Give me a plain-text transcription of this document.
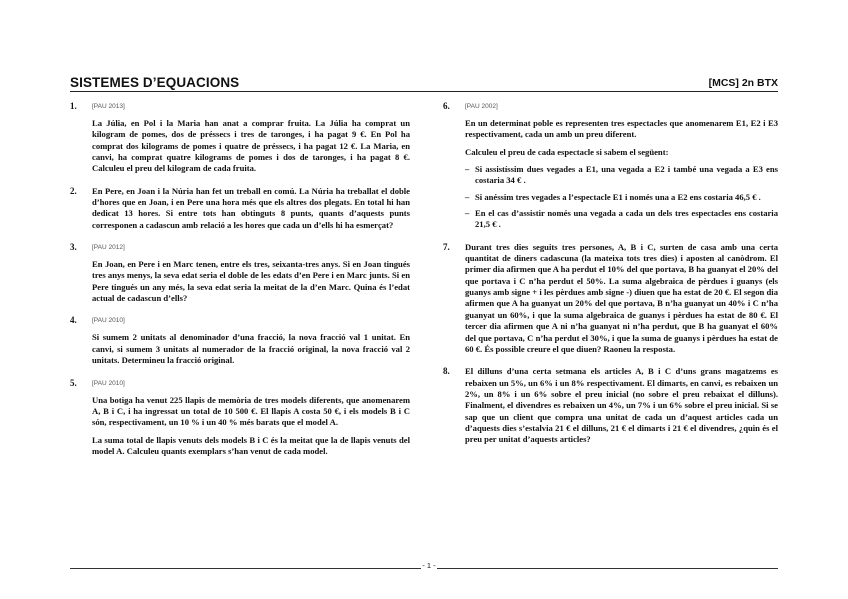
SISTEMES D’EQUACIONS	[MCS] 2n BTX
1. [PAU 2013]

La Júlia, en Pol i la Maria han anat a comprar fruita. La Júlia ha comprat un kilogram de pomes, dos de préssecs i tres de taronges, i ha pagat 9 €. En Pol ha comprat dos kilograms de pomes i quatre de préssecs, i ha pagat 12 €. La Maria, en canvi, ha comprat quatre kilograms de pomes i dos de taronges, i ha pagat 8 €. Calculeu el preu del kilogram de cada fruita.

2. En Pere, en Joan i la Núria han fet un treball en comú. La Núria ha treballat el doble d’hores que en Joan, i en Pere una hora més que els altres dos plegats. En total hi han dedicat 13 hores. Si entre tots han obtinguts 8 punts, quants d’aquests punts corresponen a cadascun amb relació a les hores que cada un d’ells hi ha esmerçat?

3. [PAU 2012]

En Joan, en Pere i en Marc tenen, entre els tres, seixanta-tres anys. Si en Joan tingués tres anys menys, la seva edat seria el doble de les edats d’en Pere i en Marc junts. Si en Pere tingués un any més, la seva edat seria la meitat de la d’en Marc. Quina és l’edat actual de cadascun d’ells?

4. [PAU 2010]

Si sumem 2 unitats al denominador d’una fracció, la nova fracció val 1 unitat. En canvi, si sumem 3 unitats al numerador de la fracció original, la nova fracció val 2 unitats. Determineu la fracció original.

5. [PAU 2010]

Una botiga ha venut 225 llapis de memòria de tres models diferents, que anomenarem A, B i C, i ha ingressat un total de 10 500 €. El llapis A costa 50 €, i els models B i C són, respectivament, un 10 % i un 40 % més barats que el model A.

La suma total de llapis venuts dels models B i C és la meitat que la de llapis venuts del model A. Calculeu quants exemplars s’han venut de cada model.

6. [PAU 2002]

En un determinat poble es representen tres espectacles que anomenarem E1, E2 i E3 respectivament, cada un amb un preu diferent.

Calculeu el preu de cada espectacle si sabem el següent:

– Si assistíssim dues vegades a E1, una vegada a E2 i també una vegada a E3 ens costaria 34 € .
– Si anéssim tres vegades a l’espectacle E1 i només una a E2 ens costaria 46,5 € .
– En el cas d’assistir només una vegada a cada un dels tres espectacles ens costaria 21,5 € .
7. Durant tres dies seguits tres persones, A, B i C, surten de casa amb una certa quantitat de diners cadascuna (la mateixa tots tres dies) i aposten al canòdrom. El primer dia afirmen que A ha perdut el 10% del que portava, B ha guanyat el 20% del que portava i C n’ha perdut el 50%. La suma algebraica de pèrdues i guanys (els guanys amb signe + i les pèrdues amb signe -) diuen que ha estat de 20 €. El segon dia afirmen que A ha guanyat un 20% del que portava, B n’ha guanyat un 40% i C n’ha guanyat un 60%, i que la suma algebraica de guanys i pèrdues ha estat de 80 €. El tercer dia afirmen que A ni n’ha guanyat ni n’ha perdut, que B ha guanyat el 60% del que portava, C n’ha perdut el 30%, i que la suma de guanys i pèrdues ha estat de 60 €. És possible creure el que diuen? Raoneu la resposta.

8. El dilluns d’una certa setmana els articles A, B i C d’uns grans magatzems es rebaixen un 5%, un 6% i un 8% respectivament. El dimarts, en canvi, es rebaixen un 2%, un 8% i un 6% sobre el preu inicial (no sobre el preu rebaixat el dilluns). Finalment, el divendres es rebaixen un 4%, un 7% i un 6% sobre el preu inicial. Si se sap que un client que compra una unitat de cada un d’aquest articles cada un d’aquests dies s’estalvia 21 € el dilluns, 21 € el dimarts i 21 € el divendres, ¿quin és el preu per unitat d’aquests articles?

- 1 -
